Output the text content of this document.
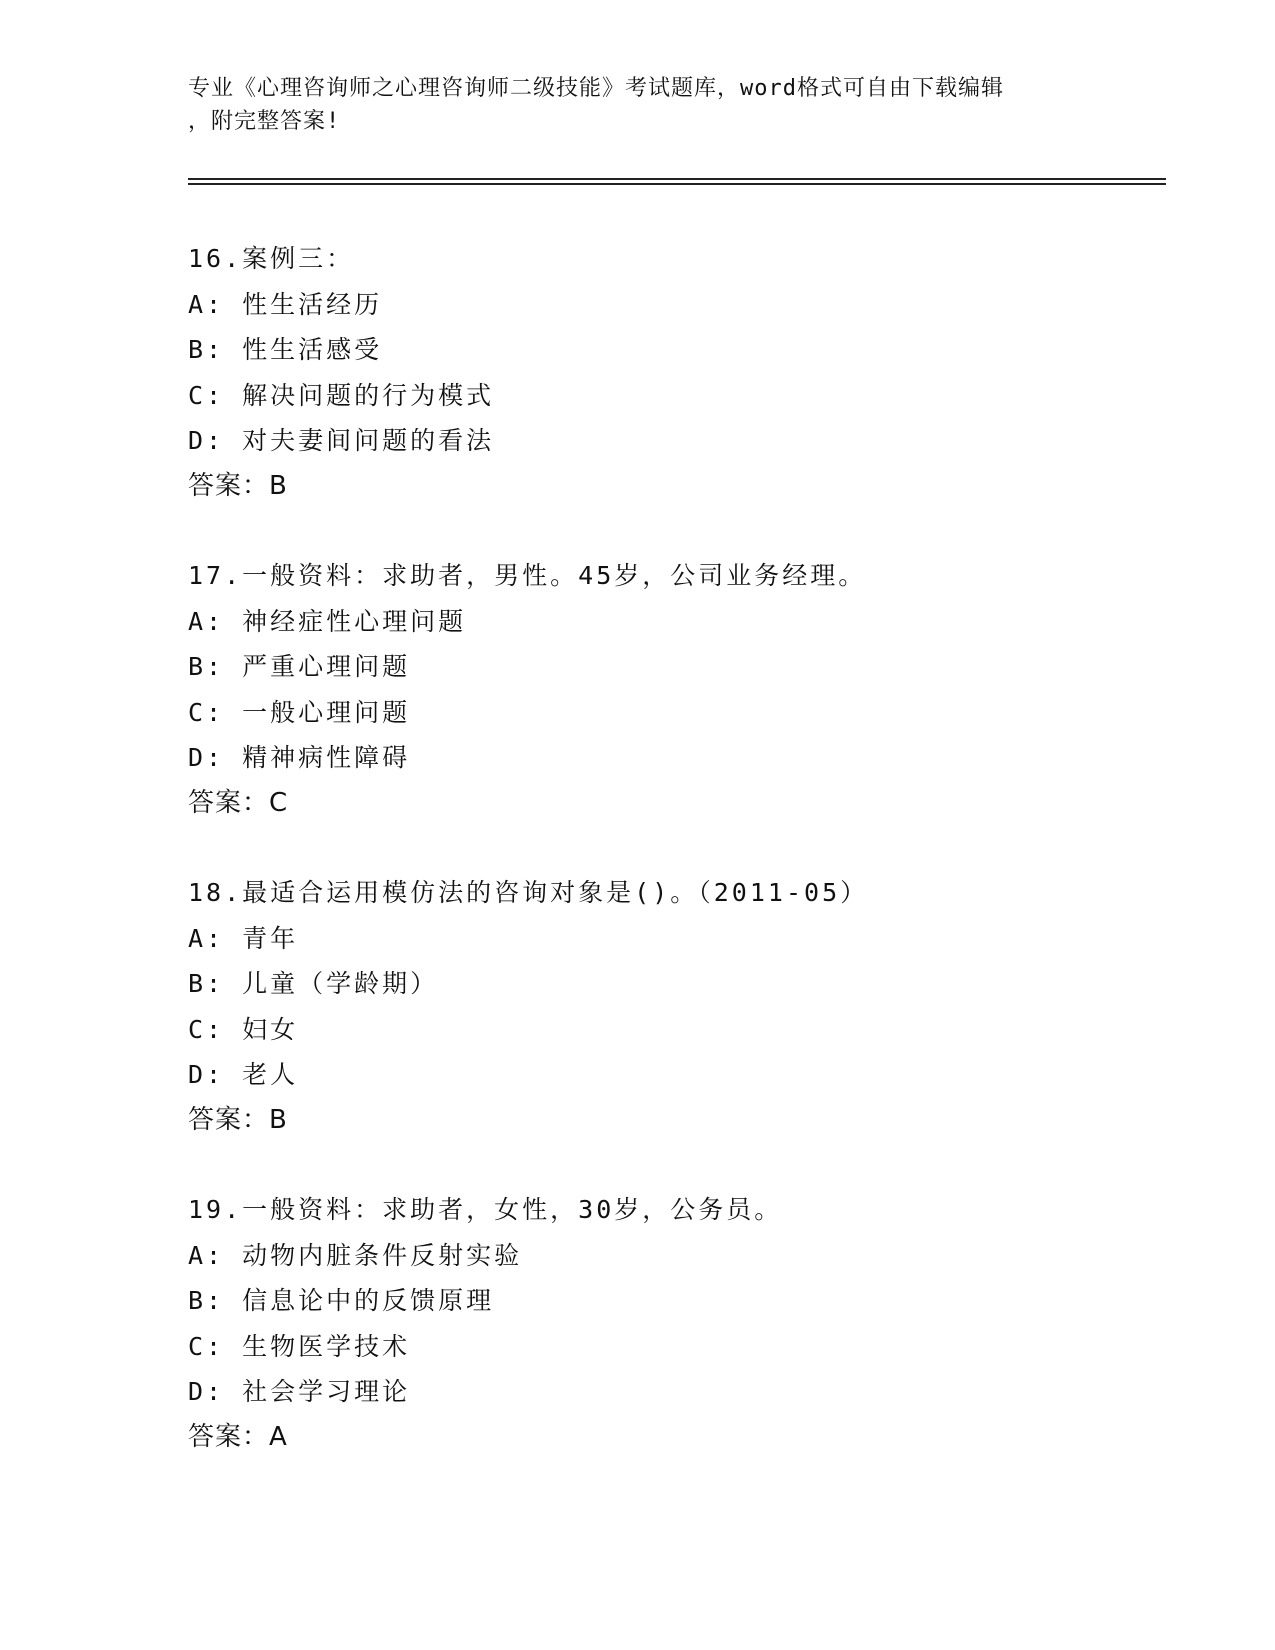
专业《心理咨询师之心理咨询师二级技能》考试题库，word格式可自由下载编辑
，附完整答案!
16.案例三：
A: 性生活经历
B: 性生活感受
C: 解决问题的行为模式
D: 对夫妻间问题的看法
答案：B
17.一般资料：求助者，男性。45岁，公司业务经理。
A: 神经症性心理问题
B: 严重心理问题
C: 一般心理问题
D: 精神病性障碍
答案：C
18.最适合运用模仿法的咨询对象是()。（2011-05）
A: 青年
B: 儿童（学龄期）
C: 妇女
D: 老人
答案：B
19.一般资料：求助者，女性，30岁，公务员。
A: 动物内脏条件反射实验
B: 信息论中的反馈原理
C: 生物医学技术
D: 社会学习理论
答案：A
